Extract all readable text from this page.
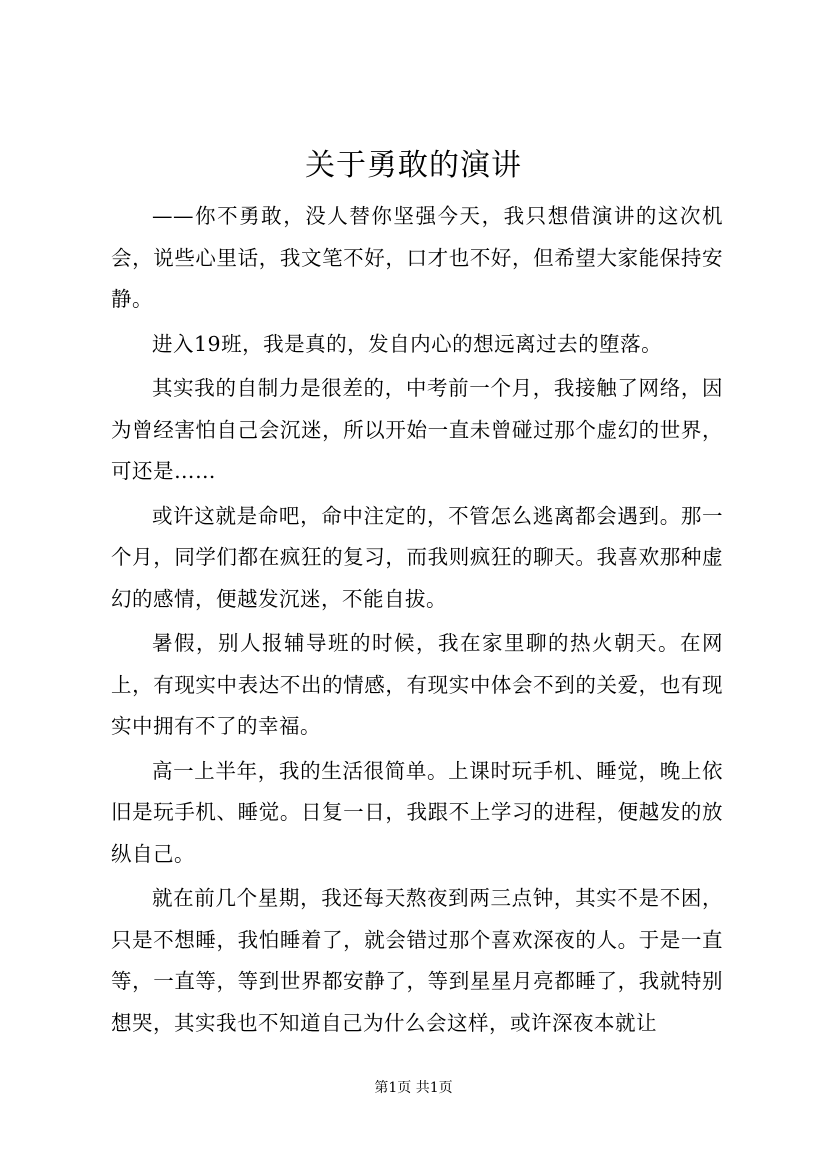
关于勇敢的演讲

——你不勇敢，没人替你坚强今天，我只想借演讲的这次机会，说些心里话，我文笔不好，口才也不好，但希望大家能保持安静。

进入19班，我是真的，发自内心的想远离过去的堕落。

其实我的自制力是很差的，中考前一个月，我接触了网络，因为曾经害怕自己会沉迷，所以开始一直未曾碰过那个虚幻的世界，可还是……

或许这就是命吧，命中注定的，不管怎么逃离都会遇到。那一个月，同学们都在疯狂的复习，而我则疯狂的聊天。我喜欢那种虚幻的感情，便越发沉迷，不能自拔。

暑假，别人报辅导班的时候，我在家里聊的热火朝天。在网上，有现实中表达不出的情感，有现实中体会不到的关爱，也有现实中拥有不了的幸福。

高一上半年，我的生活很简单。上课时玩手机、睡觉，晚上依旧是玩手机、睡觉。日复一日，我跟不上学习的进程，便越发的放纵自己。

就在前几个星期，我还每天熬夜到两三点钟，其实不是不困，只是不想睡，我怕睡着了，就会错过那个喜欢深夜的人。于是一直等，一直等，等到世界都安静了，等到星星月亮都睡了，我就特别想哭，其实我也不知道自己为什么会这样，或许深夜本就让

第1页 共1页
